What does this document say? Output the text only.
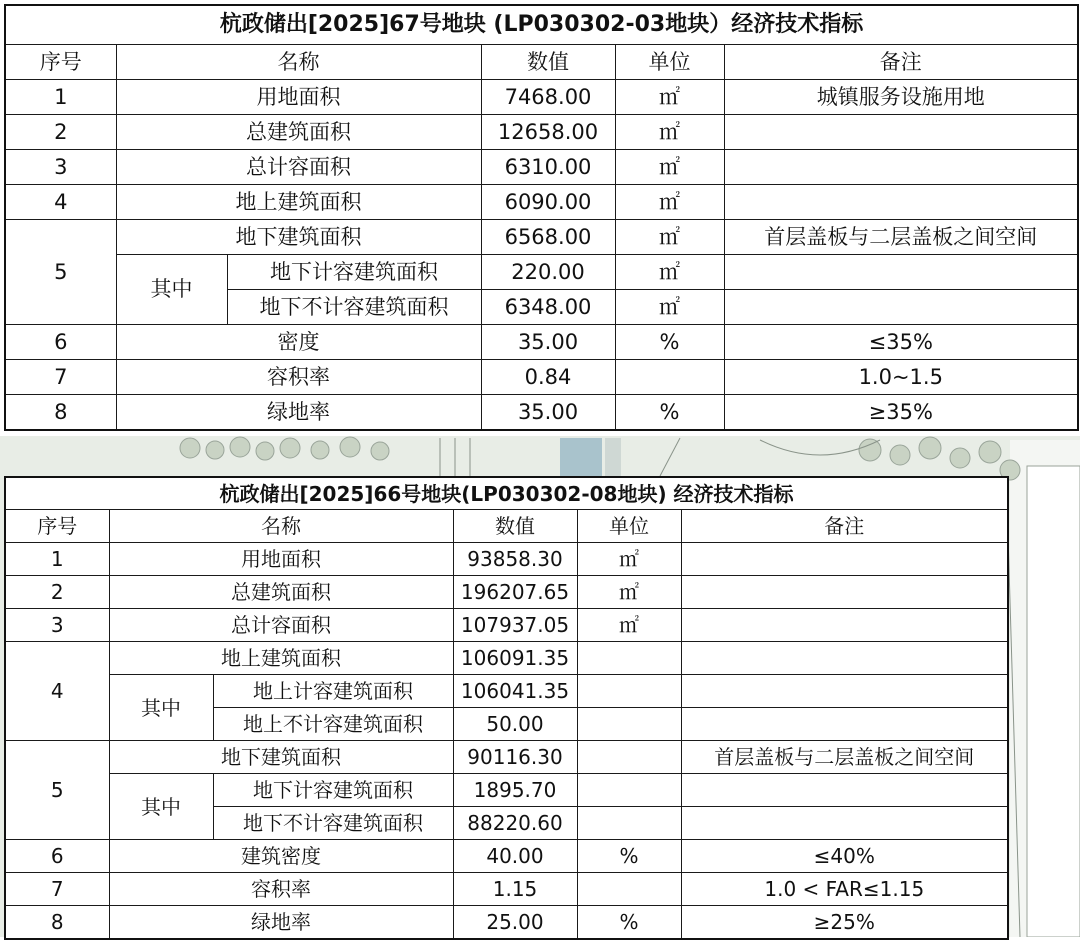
杭政储出[2025]67号地块 (LP030302-03地块）经济技术指标					
序号	名称		数值	单位	备注
1	用地面积		7468.00	㎡	城镇服务设施用地
2	总建筑面积		12658.00	㎡	
3	总计容面积		6310.00	㎡	
4	地上建筑面积		6090.00	㎡	
5	地下建筑面积		6568.00	㎡	首层盖板与二层盖板之间空间
	其中	地下计容建筑面积	220.00	㎡	
		地下不计容建筑面积	6348.00	㎡	
6	密度		35.00	%	≤35%
7	容积率		0.84		1.0~1.5
8	绿地率		35.00	%	≥35%
杭政储出[2025]66号地块(LP030302-08地块) 经济技术指标					
序号	名称		数值	单位	备注
1	用地面积		93858.30	㎡	
2	总建筑面积		196207.65	㎡	
3	总计容面积		107937.05	㎡	
4	地上建筑面积		106091.35		
	其中	地上计容建筑面积	106041.35		
		地上不计容建筑面积	50.00		
5	地下建筑面积		90116.30		首层盖板与二层盖板之间空间
	其中	地下计容建筑面积	1895.70		
		地下不计容建筑面积	88220.60		
6	建筑密度		40.00	%	≤40%
7	容积率		1.15		1.0 < FAR≤1.15
8	绿地率		25.00	%	≥25%
